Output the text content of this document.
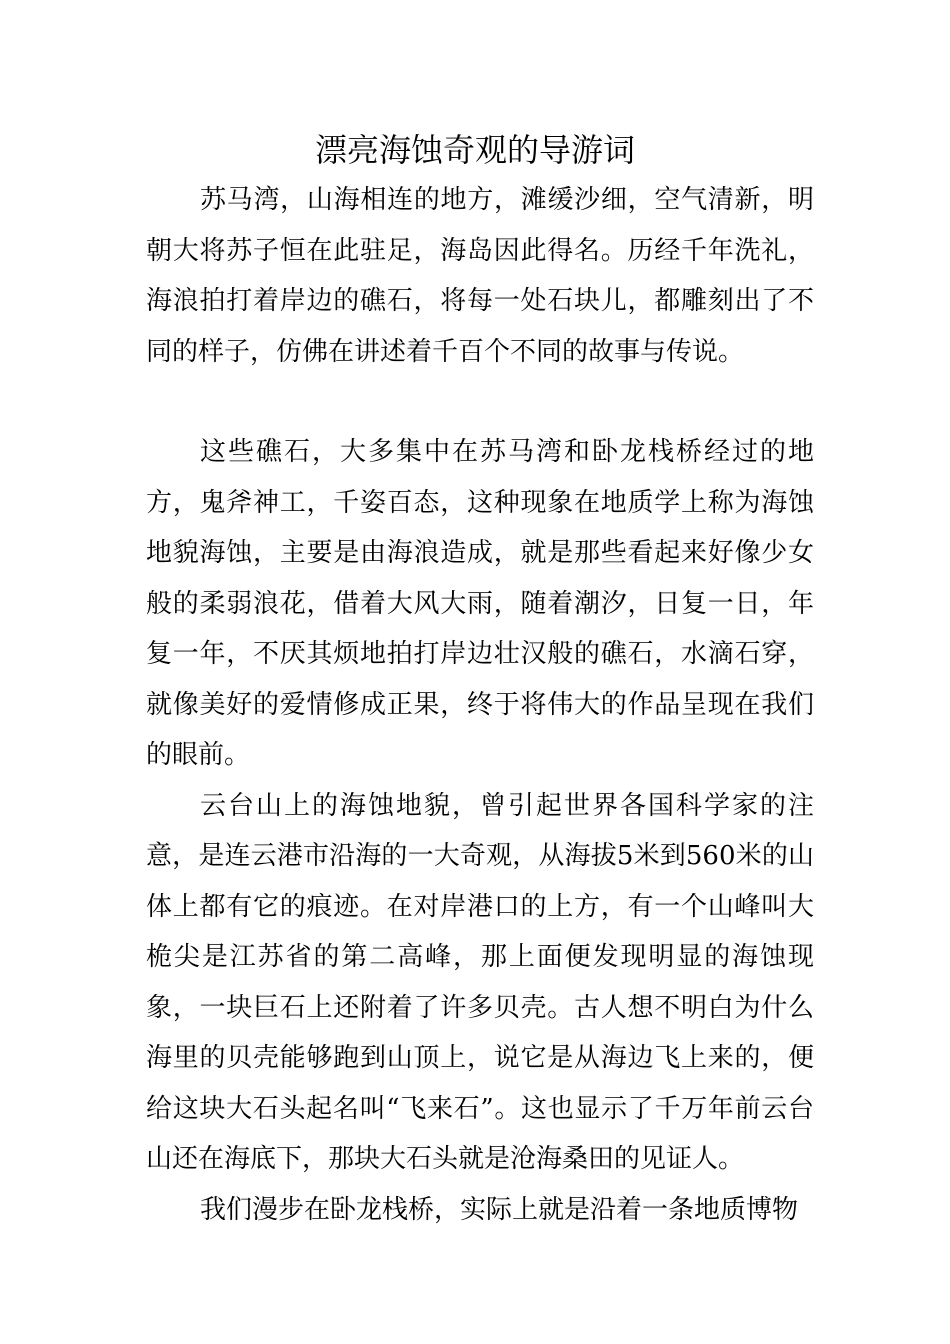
漂亮海蚀奇观的导游词

苏马湾，山海相连的地方，滩缓沙细，空气清新，明朝大将苏子恒在此驻足，海岛因此得名。历经千年洗礼，海浪拍打着岸边的礁石，将每一处石块儿，都雕刻出了不同的样子，仿佛在讲述着千百个不同的故事与传说。

这些礁石，大多集中在苏马湾和卧龙栈桥经过的地方，鬼斧神工，千姿百态，这种现象在地质学上称为海蚀地貌海蚀，主要是由海浪造成，就是那些看起来好像少女般的柔弱浪花，借着大风大雨，随着潮汐，日复一日，年复一年，不厌其烦地拍打岸边壮汉般的礁石，水滴石穿，就像美好的爱情修成正果，终于将伟大的作品呈现在我们的眼前。

云台山上的海蚀地貌，曾引起世界各国科学家的注意，是连云港市沿海的一大奇观，从海拔5米到560米的山体上都有它的痕迹。在对岸港口的上方，有一个山峰叫大桅尖是江苏省的第二高峰，那上面便发现明显的海蚀现象，一块巨石上还附着了许多贝壳。古人想不明白为什么海里的贝壳能够跑到山顶上，说它是从海边飞上来的，便给这块大石头起名叫“飞来石”。这也显示了千万年前云台山还在海底下，那块大石头就是沧海桑田的见证人。

我们漫步在卧龙栈桥，实际上就是沿着一条地质博物
